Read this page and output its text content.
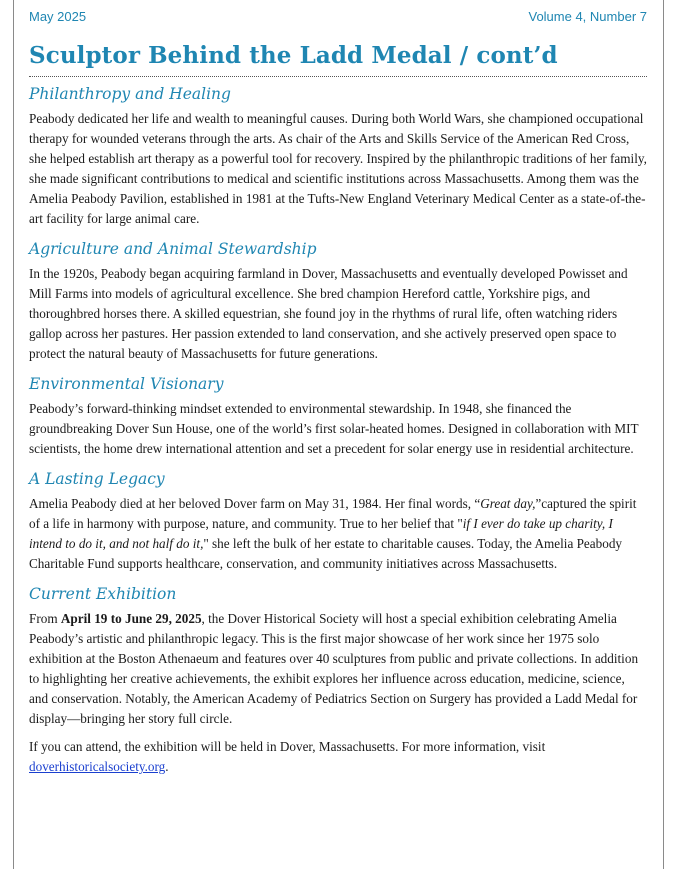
May 2025	Volume 4, Number 7
Sculptor Behind the Ladd Medal / cont’d
Philanthropy and Healing

Peabody dedicated her life and wealth to meaningful causes. During both World Wars, she championed occupational therapy for wounded veterans through the arts. As chair of the Arts and Skills Service of the American Red Cross, she helped establish art therapy as a powerful tool for recovery. Inspired by the philanthropic traditions of her family, she made significant contributions to medical and scientific institutions across Massachusetts. Among them was the Amelia Peabody Pavilion, established in 1981 at the Tufts-New England Veterinary Medical Center as a state-of-the-art facility for large animal care.

Agriculture and Animal Stewardship

In the 1920s, Peabody began acquiring farmland in Dover, Massachusetts and eventually developed Powisset and Mill Farms into models of agricultural excellence. She bred champion Hereford cattle, Yorkshire pigs, and thoroughbred horses there. A skilled equestrian, she found joy in the rhythms of rural life, often watching riders gallop across her pastures. Her passion extended to land conservation, and she actively preserved open space to protect the natural beauty of Massachusetts for future generations.

Environmental Visionary

Peabody’s forward-thinking mindset extended to environmental stewardship. In 1948, she financed the groundbreaking Dover Sun House, one of the world’s first solar-heated homes. Designed in collaboration with MIT scientists, the home drew international attention and set a precedent for solar energy use in residential architecture.

A Lasting Legacy

Amelia Peabody died at her beloved Dover farm on May 31, 1984. Her final words, “Great day,”captured the spirit of a life in harmony with purpose, nature, and community. True to her belief that "if I ever do take up charity, I intend to do it, and not half do it," she left the bulk of her estate to charitable causes. Today, the Amelia Peabody Charitable Fund supports healthcare, conservation, and community initiatives across Massachusetts.

Current Exhibition

From April 19 to June 29, 2025, the Dover Historical Society will host a special exhibition celebrating Amelia Peabody’s artistic and philanthropic legacy. This is the first major showcase of her work since her 1975 solo exhibition at the Boston Athenaeum and features over 40 sculptures from public and private collections. In addition to highlighting her creative achievements, the exhibit explores her influence across education, medicine, science, and conservation. Notably, the American Academy of Pediatrics Section on Surgery has provided a Ladd Medal for display—bringing her story full circle.

If you can attend, the exhibition will be held in Dover, Massachusetts. For more information, visit doverhistoricalsociety.org.
